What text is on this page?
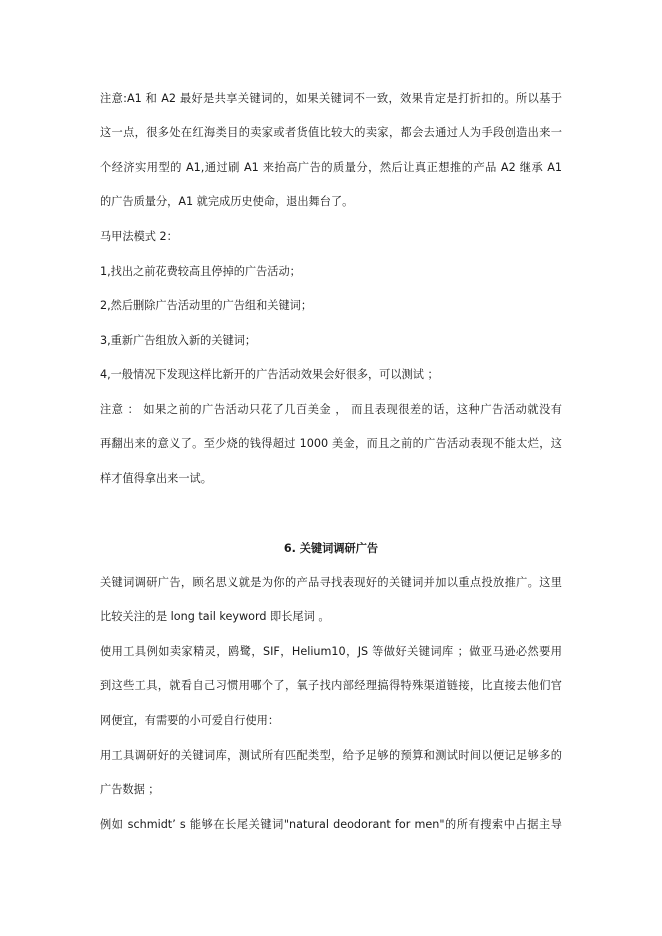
注意:A1 和 A2 最好是共享关键词的，如果关键词不一致，效果肯定是打折扣的。所以基于
这一点，很多处在红海类目的卖家或者货值比较大的卖家，都会去通过人为手段创造出来一
个经济实用型的 A1,通过刷 A1 来抬高广告的质量分，然后让真正想推的产品 A2 继承 A1
的广告质量分，A1 就完成历史使命，退出舞台了。
马甲法模式 2：
1,找出之前花费较高且停掉的广告活动；
2,然后删除广告活动里的广告组和关键词；
3,重新广告组放入新的关键词；
4,一般情况下发现这样比新开的广告活动效果会好很多，可以测试 ；
注意 ： 如果之前的广告活动只花了几百美金 ， 而且表现很差的话，这种广告活动就没有
再翻出来的意义了。至少烧的钱得超过 1000 美金，而且之前的广告活动表现不能太烂，这
样才值得拿出来一试。
6. 关键词调研广告
关键词调研广告，顾名思义就是为你的产品寻找表现好的关键词并加以重点投放推广。这里
比较关注的是 long tail keyword 即长尾词 。
使用工具例如卖家精灵，鸥鹭，SIF，Helium10，JS 等做好关键词库 ；做亚马逊必然要用
到这些工具，就看自己习惯用哪个了，氧子找内部经理搞得特殊渠道链接，比直接去他们官
网便宜，有需要的小可爱自行使用：
用工具调研好的关键词库，测试所有匹配类型，给予足够的预算和测试时间以便记足够多的
广告数据 ；
例如 schmidt’ s 能够在长尾关键词"natural deodorant for men"的所有搜索中占据主导
